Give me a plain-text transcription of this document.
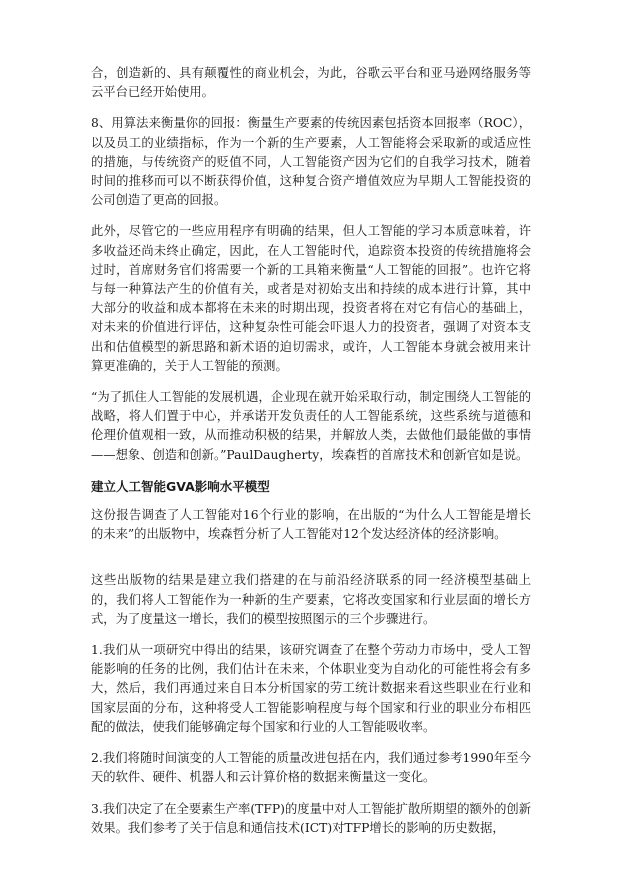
合，创造新的、具有颠覆性的商业机会，为此，谷歌云平台和亚马逊网络服务等云平台已经开始使用。

8、用算法来衡量你的回报：衡量生产要素的传统因素包括资本回报率（ROC），以及员工的业绩指标，作为一个新的生产要素，人工智能将会采取新的或适应性的措施，与传统资产的贬值不同，人工智能资产因为它们的自我学习技术，随着时间的推移而可以不断获得价值，这种复合资产增值效应为早期人工智能投资的公司创造了更高的回报。

此外，尽管它的一些应用程序有明确的结果，但人工智能的学习本质意味着，许多收益还尚未终止确定，因此，在人工智能时代，追踪资本投资的传统措施将会过时，首席财务官们将需要一个新的工具箱来衡量“人工智能的回报”。也许它将与每一种算法产生的价值有关，或者是对初始支出和持续的成本进行计算，其中大部分的收益和成本都将在未来的时期出现，投资者将在对它有信心的基础上，对未来的价值进行评估，这种复杂性可能会吓退人力的投资者，强调了对资本支出和估值模型的新思路和新术语的迫切需求，或许，人工智能本身就会被用来计算更准确的，关于人工智能的预测。

“为了抓住人工智能的发展机遇，企业现在就开始采取行动，制定围绕人工智能的战略，将人们置于中心，并承诺开发负责任的人工智能系统，这些系统与道德和伦理价值观相一致，从而推动积极的结果，并解放人类，去做他们最能做的事情——想象、创造和创新。”PaulDaugherty，埃森哲的首席技术和创新官如是说。

建立人工智能GVA影响水平模型

这份报告调查了人工智能对16个行业的影响，在出版的“为什么人工智能是增长的未来”的出版物中，埃森哲分析了人工智能对12个发达经济体的经济影响。

这些出版物的结果是建立我们搭建的在与前沿经济联系的同一经济模型基础上的，我们将人工智能作为一种新的生产要素，它将改变国家和行业层面的增长方式，为了度量这一增长，我们的模型按照图示的三个步骤进行。

1.我们从一项研究中得出的结果，该研究调查了在整个劳动力市场中，受人工智能影响的任务的比例，我们估计在未来，个体职业变为自动化的可能性将会有多大，然后，我们再通过来自日本分析国家的劳工统计数据来看这些职业在行业和国家层面的分布，这种将受人工智能影响程度与每个国家和行业的职业分布相匹配的做法，使我们能够确定每个国家和行业的人工智能吸收率。

2.我们将随时间演变的人工智能的质量改进包括在内，我们通过参考1990年至今天的软件、硬件、机器人和云计算价格的数据来衡量这一变化。

3.我们决定了在全要素生产率(TFP)的度量中对人工智能扩散所期望的额外的创新效果。我们参考了关于信息和通信技术(ICT)对TFP增长的影响的历史数据，
